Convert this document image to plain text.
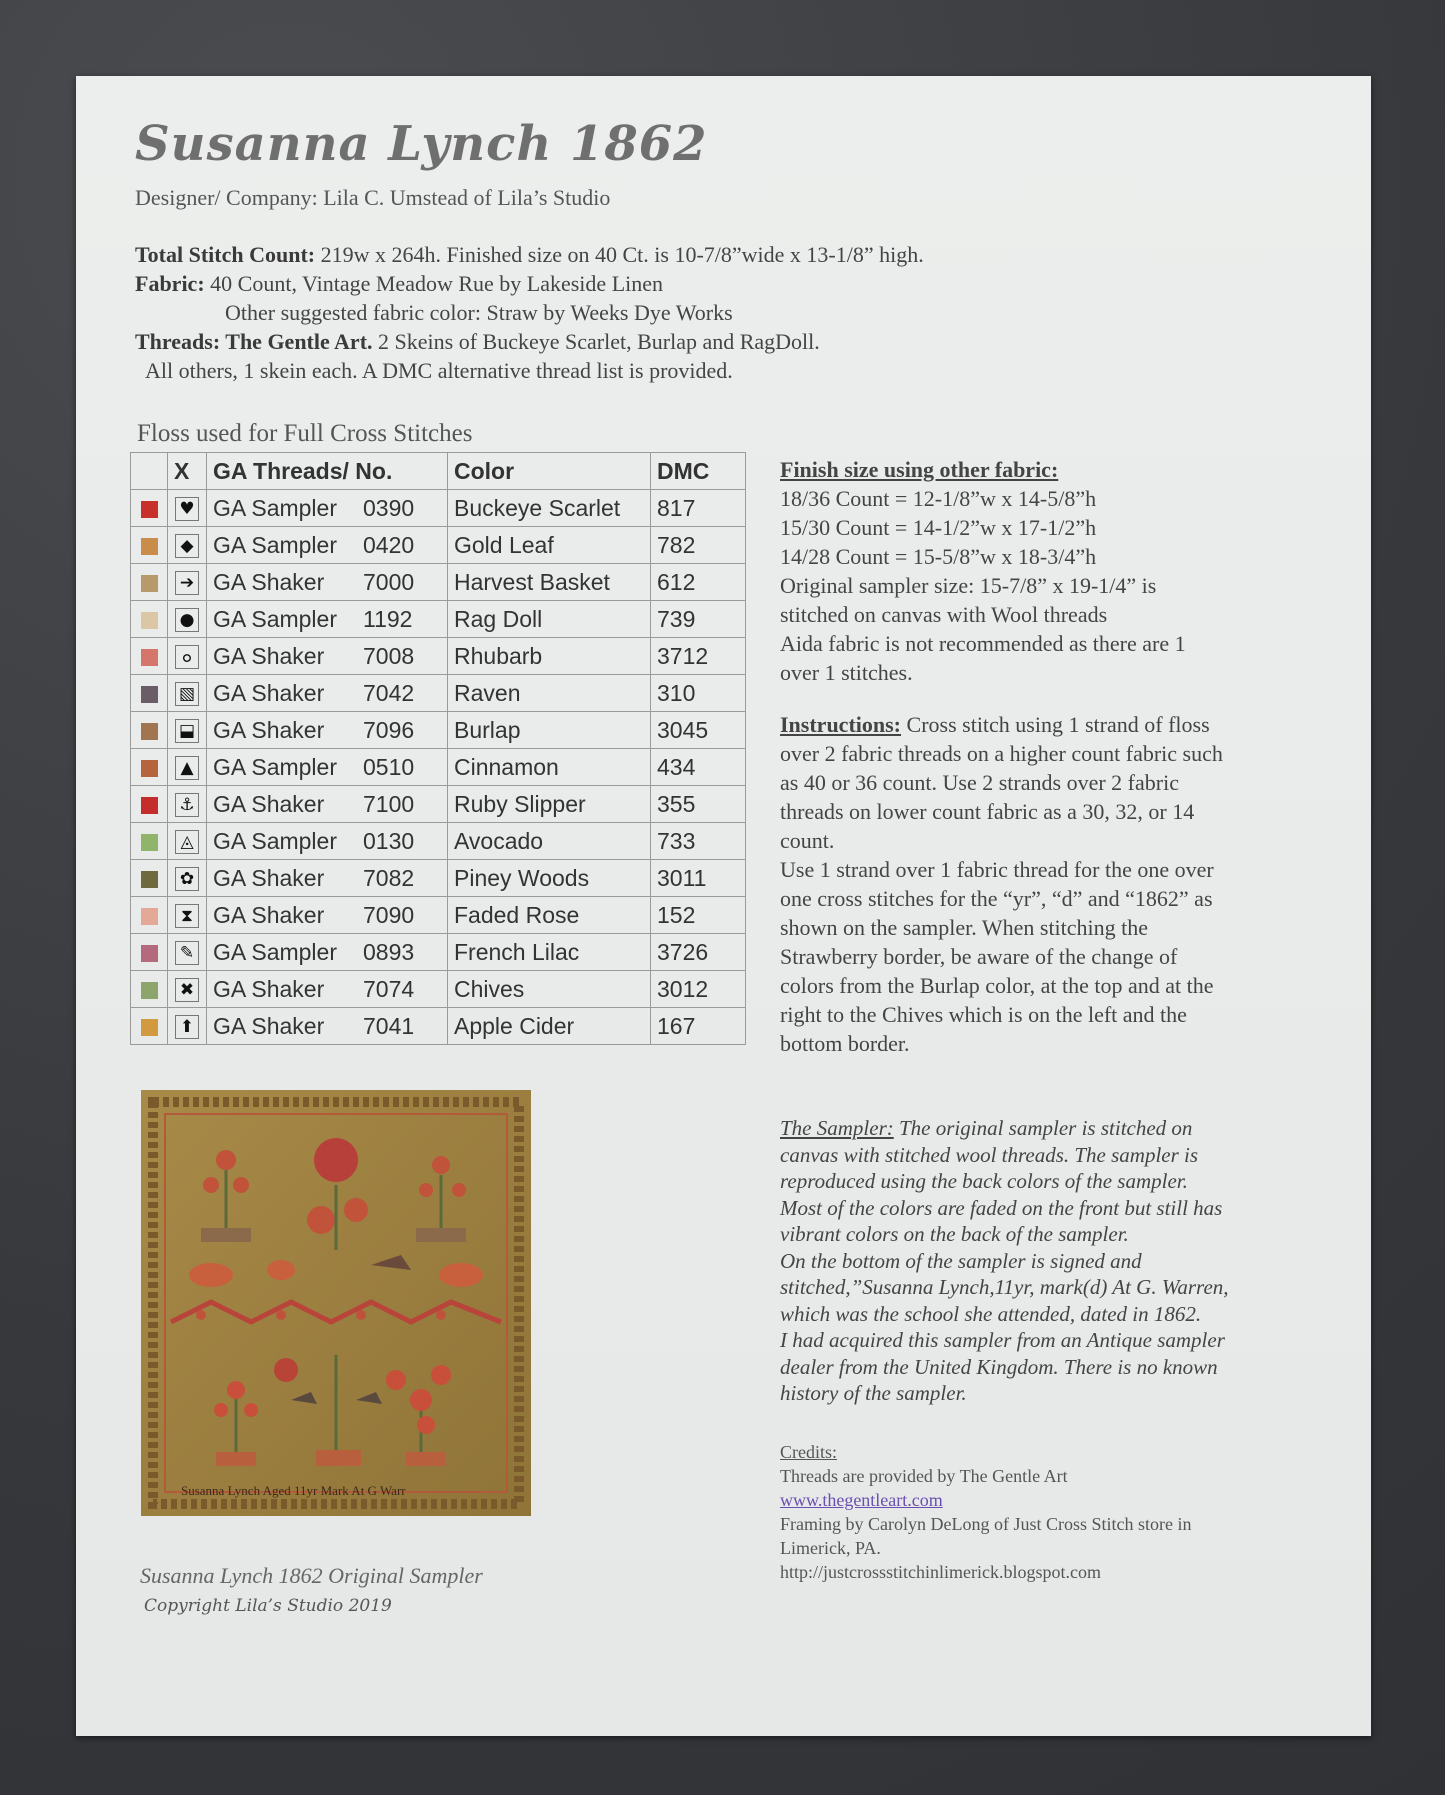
Susanna Lynch 1862
Designer/ Company: Lila C. Umstead of Lila’s Studio
Total Stitch Count: 219w x 264h. Finished size on 40 Ct. is 10-7/8”wide x 13-1/8” high.
Fabric: 40 Count, Vintage Meadow Rue by Lakeside Linen
Other suggested fabric color: Straw by Weeks Dye Works
Threads: The Gentle Art. 2 Skeins of Buckeye Scarlet, Burlap and RagDoll.
All others, 1 skein each. A DMC alternative thread list is provided.
Floss used for Full Cross Stitches
	X	GA Threads/ No.	Color	DMC
	♥	GA Sampler 0390	Buckeye Scarlet	817
	◆	GA Sampler 0420	Gold Leaf	782
	➔	GA Shaker 7000	Harvest Basket	612
	●	GA Sampler 1192	Rag Doll	739
	๐	GA Shaker 7008	Rhubarb	3712
	▧	GA Shaker 7042	Raven	310
	⬓	GA Shaker 7096	Burlap	3045
	▲	GA Sampler 0510	Cinnamon	434
	⚓	GA Shaker 7100	Ruby Slipper	355
	◬	GA Sampler 0130	Avocado	733
	✿	GA Shaker 7082	Piney Woods	3011
	⧗	GA Shaker 7090	Faded Rose	152
	✎	GA Sampler 0893	French Lilac	3726
	✖	GA Shaker 7074	Chives	3012
	⬆	GA Shaker 7041	Apple Cider	167
Finish size using other fabric:
18/36 Count = 12-1/8”w x 14-5/8”h
15/30 Count = 14-1/2”w x 17-1/2”h
14/28 Count = 15-5/8”w x 18-3/4”h
Original sampler size: 15-7/8” x 19-1/4” is stitched on canvas with Wool threads
Aida fabric is not recommended as there are 1 over 1 stitches.
Instructions: Cross stitch using 1 strand of floss over 2 fabric threads on a higher count fabric such as 40 or 36 count. Use 2 strands over 2 fabric threads on lower count fabric as a 30, 32, or 14 count.
Use 1 strand over 1 fabric thread for the one over one cross stitches for the “yr”, “d” and “1862” as shown on the sampler. When stitching the Strawberry border, be aware of the change of colors from the Burlap color, at the top and at the right to the Chives which is on the left and the bottom border.
The Sampler: The original sampler is stitched on canvas with stitched wool threads. The sampler is reproduced using the back colors of the sampler. Most of the colors are faded on the front but still has vibrant colors on the back of the sampler.
On the bottom of the sampler is signed and stitched,”Susanna Lynch,11yr, mark(d) At G. Warren, which was the school she attended, dated in 1862.
I had acquired this sampler from an Antique sampler dealer from the United Kingdom. There is no known history of the sampler.
Credits:
Threads are provided by The Gentle Art
www.thegentleart.com
Framing by Carolyn DeLong of Just Cross Stitch store in Limerick, PA.
http://justcrossstitchinlimerick.blogspot.com
Susanna Lynch Aged 11yr Mark At G Warr
Susanna Lynch 1862 Original Sampler
Copyright Lila’s Studio 2019
